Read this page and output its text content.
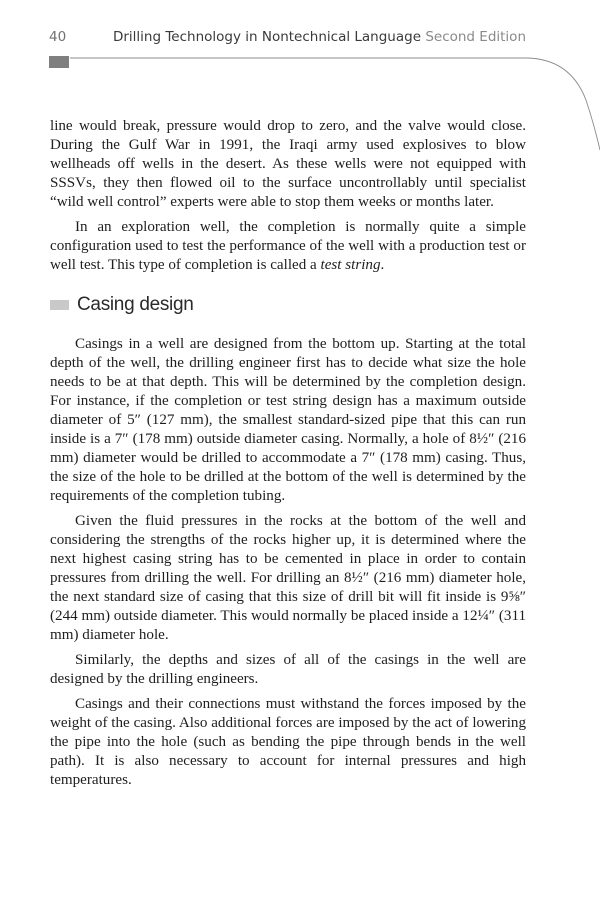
40	Drilling Technology in Nontechnical Language Second Edition

line would break, pressure would drop to zero, and the valve would close. During the Gulf War in 1991, the Iraqi army used explosives to blow wellheads off wells in the desert. As these wells were not equipped with SSSVs, they then flowed oil to the surface uncontrollably until specialist “wild well control” experts were able to stop them weeks or months later.

In an exploration well, the completion is normally quite a simple configuration used to test the performance of the well with a production test or well test. This type of completion is called a test string.

Casing design

Casings in a well are designed from the bottom up. Starting at the total depth of the well, the drilling engineer first has to decide what size the hole needs to be at that depth. This will be determined by the completion design. For instance, if the completion or test string design has a maximum outside diameter of 5″ (127 mm), the smallest standard-sized pipe that this can run inside is a 7″ (178 mm) outside diameter casing. Normally, a hole of 8½″ (216 mm) diameter would be drilled to accommodate a 7″ (178 mm) casing. Thus, the size of the hole to be drilled at the bottom of the well is determined by the requirements of the completion tubing.

Given the fluid pressures in the rocks at the bottom of the well and considering the strengths of the rocks higher up, it is determined where the next highest casing string has to be cemented in place in order to contain pressures from drilling the well. For drilling an 8½″ (216 mm) diameter hole, the next standard size of casing that this size of drill bit will fit inside is 9⅝″ (244 mm) outside diameter. This would normally be placed inside a 12¼″ (311 mm) diameter hole.

Similarly, the depths and sizes of all of the casings in the well are designed by the drilling engineers.

Casings and their connections must withstand the forces imposed by the weight of the casing. Also additional forces are imposed by the act of lowering the pipe into the hole (such as bending the pipe through bends in the well path). It is also necessary to account for internal pressures and high temperatures.
